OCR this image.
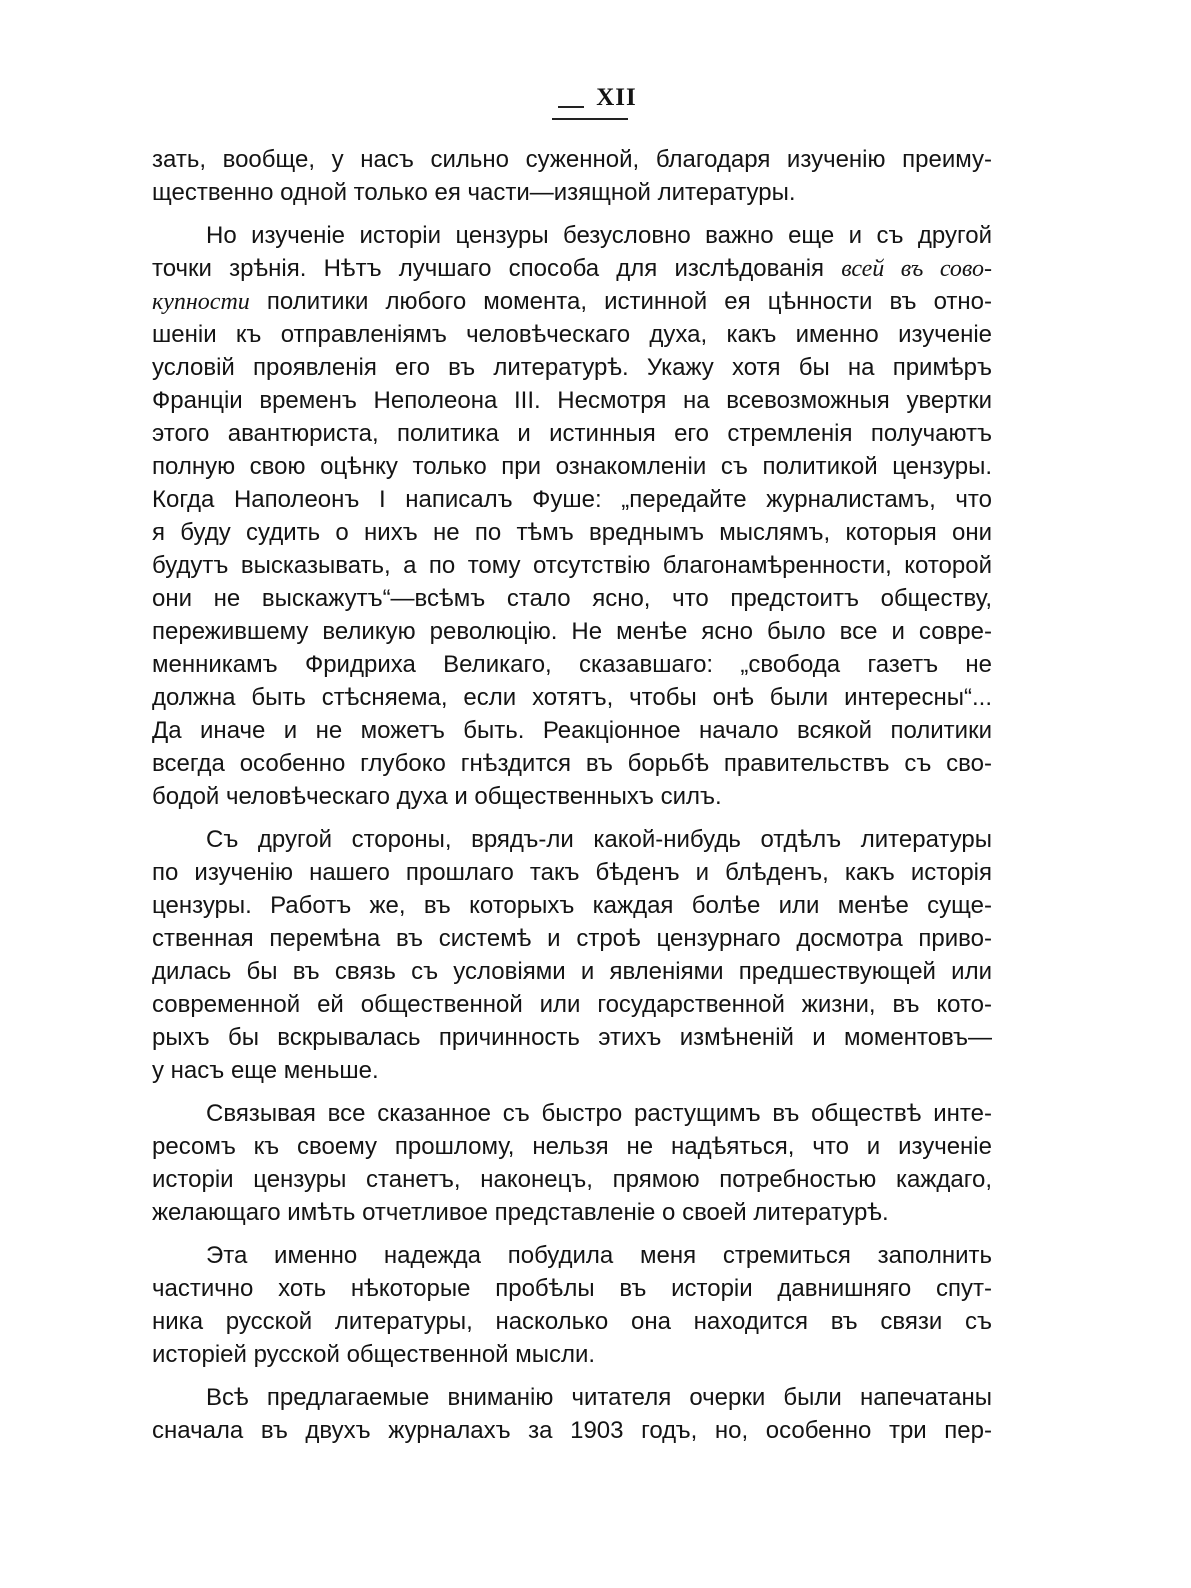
XII
зать, вообще, у насъ сильно суженной, благодаря изученію преиму-
щественно одной только ея части—изящной литературы.
Но изученіе исторіи цензуры безусловно важно еще и съ другой
точки зрѣнія. Нѣтъ лучшаго способа для изслѣдованія всей въ сово-
купности политики любого момента, истинной ея цѣнности въ отно-
шеніи къ отправленіямъ человѣческаго духа, какъ именно изученіе
условій проявленія его въ литературѣ. Укажу хотя бы на примѣръ
Франціи временъ Неполеона III. Несмотря на всевозможныя увертки
этого авантюриста, политика и истинныя его стремленія получаютъ
полную свою оцѣнку только при ознакомленіи съ политикой цензуры.
Когда Наполеонъ I написалъ Фуше: „передайте журналистамъ, что
я буду судить о нихъ не по тѣмъ вреднымъ мыслямъ, которыя они
будутъ высказывать, а по тому отсутствію благонамѣренности, которой
они не выскажутъ“—всѣмъ стало ясно, что предстоитъ обществу,
пережившему великую революцію. Не менѣе ясно было все и совре-
менникамъ Фридриха Великаго, сказавшаго: „свобода газетъ не
должна быть стѣсняема, если хотятъ, чтобы онѣ были интересны“...
Да иначе и не можетъ быть. Реакціонное начало всякой политики
всегда особенно глубоко гнѣздится въ борьбѣ правительствъ съ сво-
бодой человѣческаго духа и общественныхъ силъ.
Съ другой стороны, врядъ-ли какой-нибудь отдѣлъ литературы
по изученію нашего прошлаго такъ бѣденъ и блѣденъ, какъ исторія
цензуры. Работъ же, въ которыхъ каждая болѣе или менѣе суще-
ственная перемѣна въ системѣ и строѣ цензурнаго досмотра приво-
дилась бы въ связь съ условіями и явленіями предшествующей или
современной ей общественной или государственной жизни, въ кото-
рыхъ бы вскрывалась причинность этихъ измѣненій и моментовъ—
у насъ еще меньше.
Связывая все сказанное съ быстро растущимъ въ обществѣ инте-
ресомъ къ своему прошлому, нельзя не надѣяться, что и изученіе
исторіи цензуры станетъ, наконецъ, прямою потребностью каждаго,
желающаго имѣть отчетливое представленіе о своей литературѣ.
Эта именно надежда побудила меня стремиться заполнить
частично хоть нѣкоторые пробѣлы въ исторіи давнишняго спут-
ника русской литературы, насколько она находится въ связи съ
исторіей русской общественной мысли.
Всѣ предлагаемые вниманію читателя очерки были напечатаны
сначала въ двухъ журналахъ за 1903 годъ, но, особенно три пер-
